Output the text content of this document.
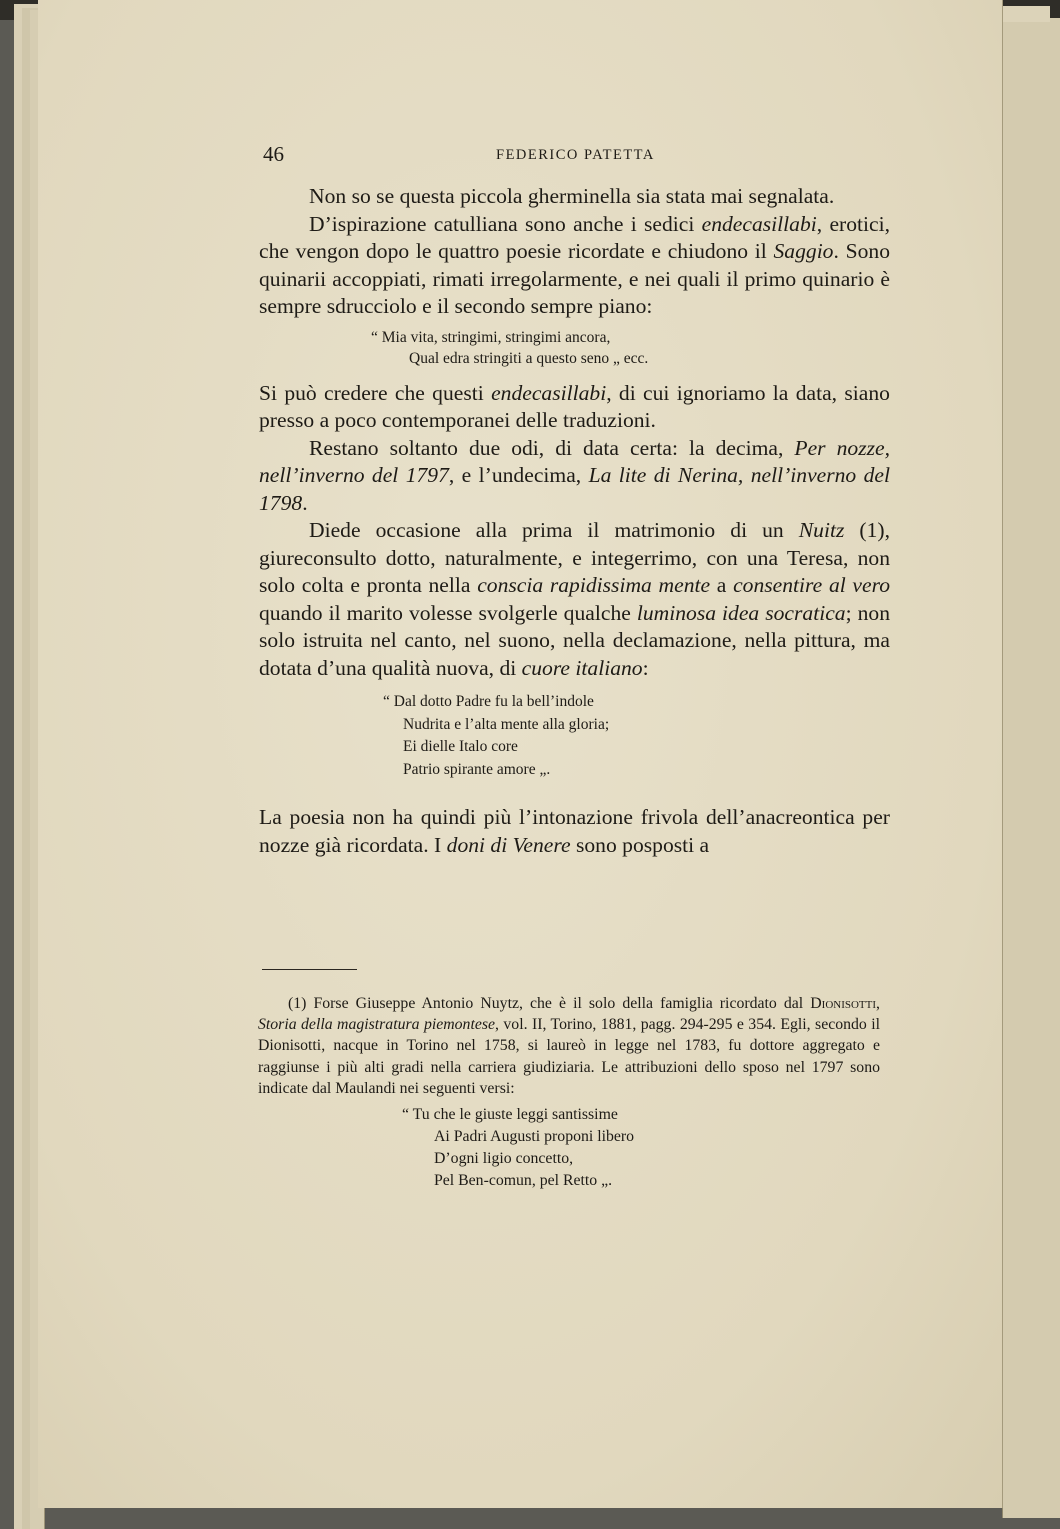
46	FEDERICO PATETTA

Non so se questa piccola gherminella sia stata mai segnalata.

D’ispirazione catulliana sono anche i sedici endecasillabi, erotici, che vengon dopo le quattro poesie ricordate e chiudono il Saggio. Sono quinarii accoppiati, rimati irregolarmente, e nei quali il primo quinario è sempre sdrucciolo e il secondo sempre piano:

“ Mia vita, stringimi, stringimi ancora,
Qual edra stringiti a questo seno „ ecc.

Si può credere che questi endecasillabi, di cui ignoriamo la data, siano presso a poco contemporanei delle traduzioni.

Restano soltanto due odi, di data certa: la decima, Per nozze, nell’inverno del 1797, e l’undecima, La lite di Nerina, nell’inverno del 1798.

Diede occasione alla prima il matrimonio di un Nuitz (1), giureconsulto dotto, naturalmente, e integerrimo, con una Teresa, non solo colta e pronta nella conscia rapidissima mente a consentire al vero quando il marito volesse svolgerle qualche luminosa idea socratica; non solo istruita nel canto, nel suono, nella declamazione, nella pittura, ma dotata d’una qualità nuova, di cuore italiano:

“ Dal dotto Padre fu la bell’indole
Nudrita e l’alta mente alla gloria;
Ei dielle Italo core
Patrio spirante amore „.

La poesia non ha quindi più l’intonazione frivola dell’anacreontica per nozze già ricordata. I doni di Venere sono posposti a

(1) Forse Giuseppe Antonio Nuytz, che è il solo della famiglia ricordato dal Dionisotti, Storia della magistratura piemontese, vol. II, Torino, 1881, pagg. 294-295 e 354. Egli, secondo il Dionisotti, nacque in Torino nel 1758, si laureò in legge nel 1783, fu dottore aggregato e raggiunse i più alti gradi nella carriera giudiziaria. Le attribuzioni dello sposo nel 1797 sono indicate dal Maulandi nei seguenti versi:

“ Tu che le giuste leggi santissime
Ai Padri Augusti proponi libero
D’ogni ligio concetto,
Pel Ben-comun, pel Retto „.
